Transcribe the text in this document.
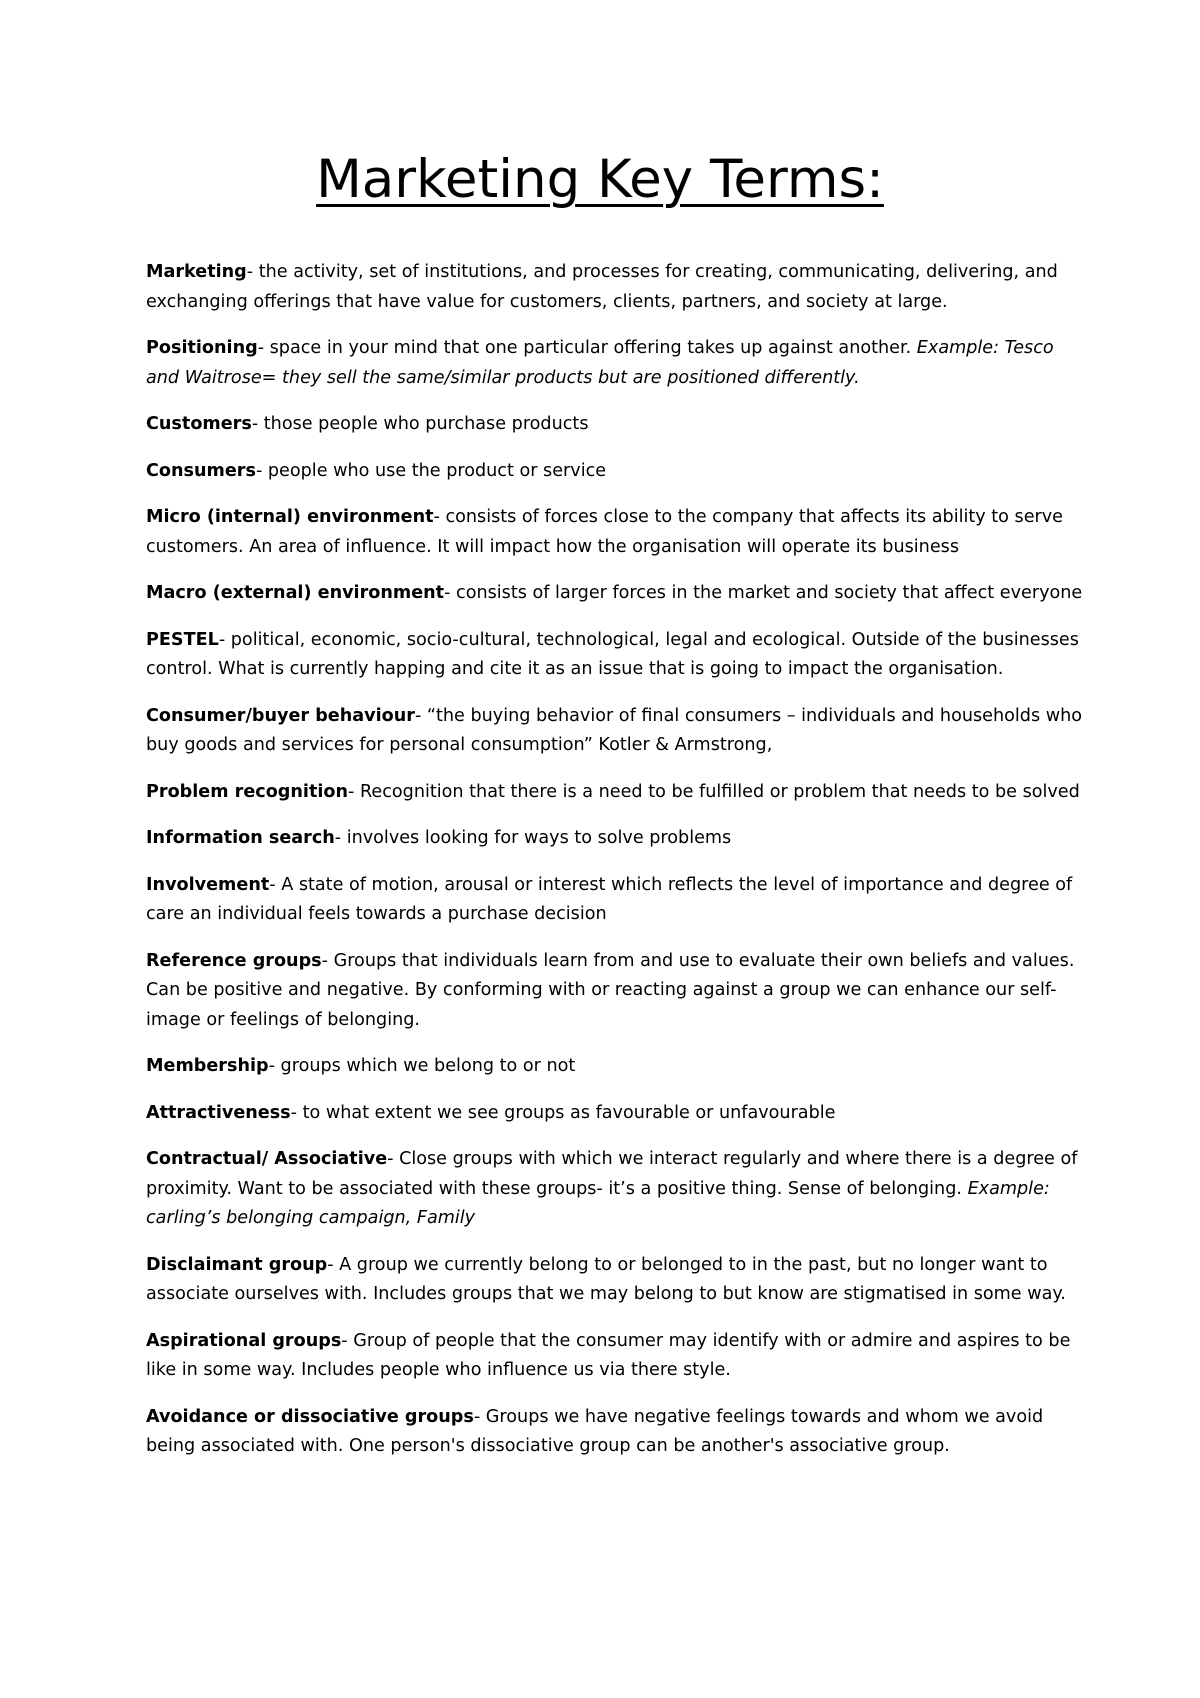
Marketing Key Terms:

Marketing- the activity, set of institutions, and processes for creating, communicating, delivering, and exchanging offerings that have value for customers, clients, partners, and society at large.

Positioning- space in your mind that one particular offering takes up against another. Example: Tesco and Waitrose= they sell the same/similar products but are positioned differently.

Customers- those people who purchase products

Consumers- people who use the product or service

Micro (internal) environment- consists of forces close to the company that affects its ability to serve customers. An area of influence. It will impact how the organisation will operate its business

Macro (external) environment- consists of larger forces in the market and society that affect everyone

PESTEL- political, economic, socio-cultural, technological, legal and ecological. Outside of the businesses control. What is currently happing and cite it as an issue that is going to impact the organisation.

Consumer/buyer behaviour- “the buying behavior of final consumers – individuals and households who buy goods and services for personal consumption” Kotler & Armstrong,

Problem recognition- Recognition that there is a need to be fulfilled or problem that needs to be solved

Information search- involves looking for ways to solve problems

Involvement- A state of motion, arousal or interest which reflects the level of importance and degree of care an individual feels towards a purchase decision

Reference groups- Groups that individuals learn from and use to evaluate their own beliefs and values. Can be positive and negative. By conforming with or reacting against a group we can enhance our self-image or feelings of belonging.

Membership- groups which we belong to or not

Attractiveness- to what extent we see groups as favourable or unfavourable

Contractual/ Associative- Close groups with which we interact regularly and where there is a degree of proximity. Want to be associated with these groups- it’s a positive thing. Sense of belonging. Example: carling’s belonging campaign, Family

Disclaimant group- A group we currently belong to or belonged to in the past, but no longer want to associate ourselves with. Includes groups that we may belong to but know are stigmatised in some way.

Aspirational groups- Group of people that the consumer may identify with or admire and aspires to be like in some way. Includes people who influence us via there style.

Avoidance or dissociative groups- Groups we have negative feelings towards and whom we avoid being associated with. One person's dissociative group can be another's associative group.
